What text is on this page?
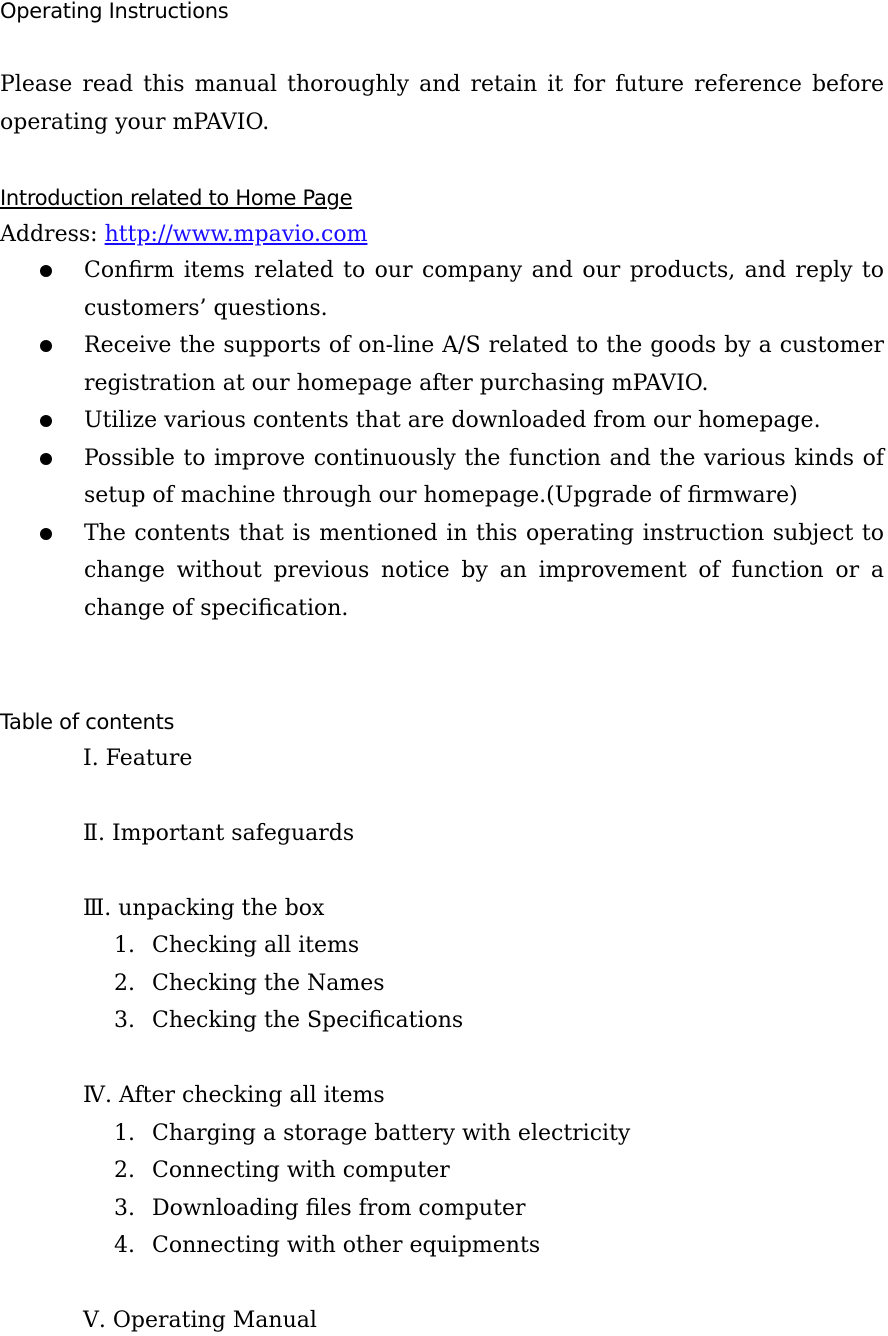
Operating Instructions
Please read this manual thoroughly and retain it for future reference before operating your mPAVIO.
Introduction related to Home Page
Address: http://www.mpavio.com
Confirm items related to our company and our products, and reply to customers’ questions.
Receive the supports of on-line A/S related to the goods by a customer registration at our homepage after purchasing mPAVIO.
Utilize various contents that are downloaded from our homepage.
Possible to improve continuously the function and the various kinds of setup of machine through our homepage.(Upgrade of firmware)
The contents that is mentioned in this operating instruction subject to change without previous notice by an improvement of function or a change of specification.
Table of contents
I. Feature
Ⅱ. Important safeguards
Ⅲ. unpacking the box
1. Checking all items
2. Checking the Names
3. Checking the Specifications
Ⅳ. After checking all items
1. Charging a storage battery with electricity
2. Connecting with computer
3. Downloading files from computer
4. Connecting with other equipments
Ⅴ. Operating Manual
